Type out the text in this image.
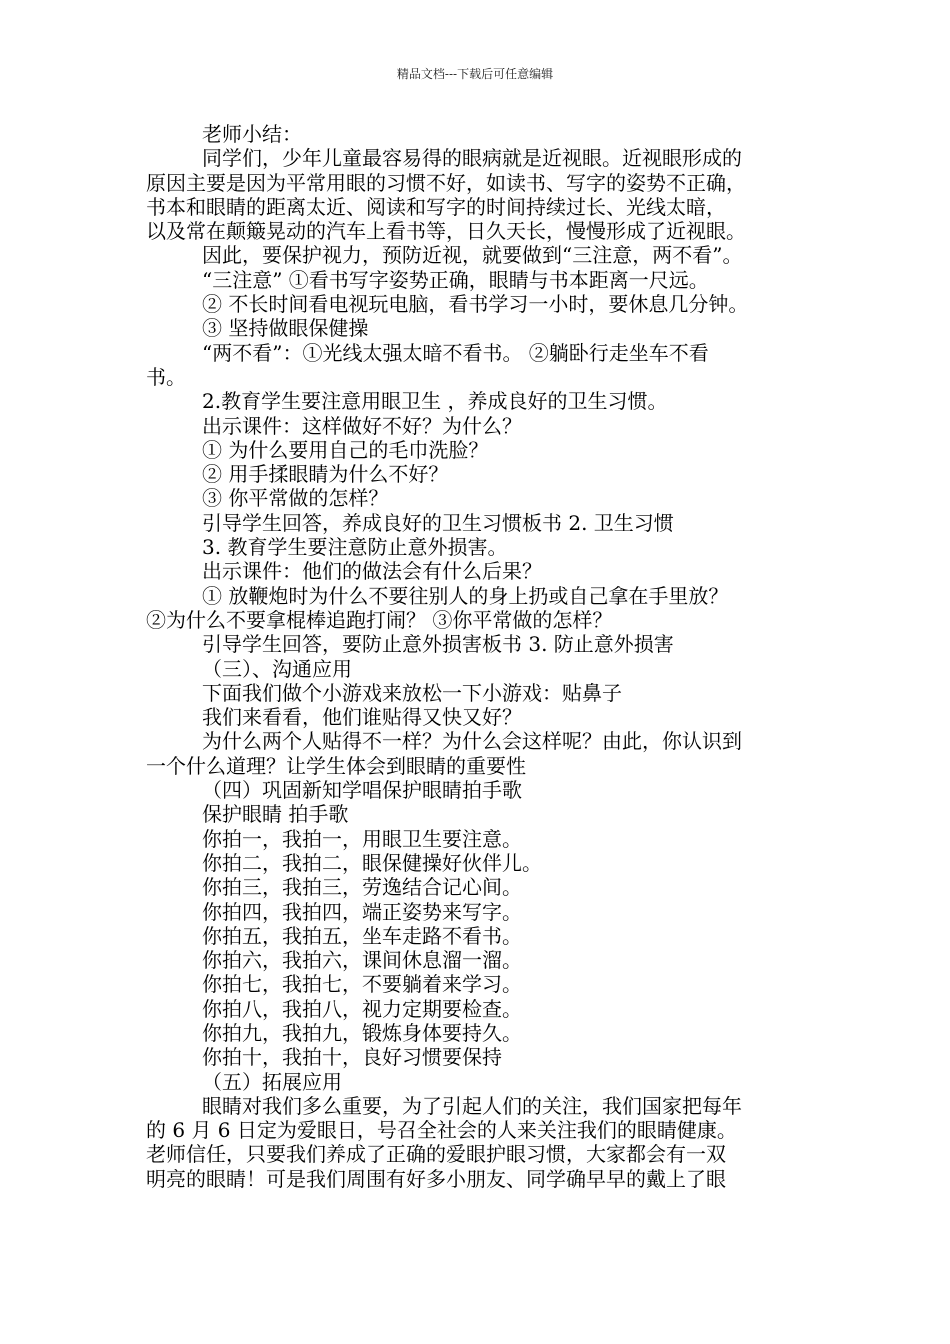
精品文档---下载后可任意编辑

老师小结：

同学们，少年儿童最容易得的眼病就是近视眼。近视眼形成的

原因主要是因为平常用眼的习惯不好，如读书、写字的姿势不正确，

书本和眼睛的距离太近、阅读和写字的时间持续过长、光线太暗，

以及常在颠簸晃动的汽车上看书等，日久天长，慢慢形成了近视眼。

因此，要保护视力，预防近视，就要做到“三注意，两不看”。

“三注意” ①看书写字姿势正确，眼睛与书本距离一尺远。

② 不长时间看电视玩电脑，看书学习一小时，要休息几分钟。

③ 坚持做眼保健操

“两不看”：①光线太强太暗不看书。 ②躺卧行走坐车不看

书。

2.教育学生要注意用眼卫生 ，养成良好的卫生习惯。

出示课件：这样做好不好？为什么？

① 为什么要用自己的毛巾洗脸？

② 用手揉眼睛为什么不好？

③ 你平常做的怎样？

引导学生回答，养成良好的卫生习惯板书 2. 卫生习惯

3. 教育学生要注意防止意外损害。

出示课件：他们的做法会有什么后果？

① 放鞭炮时为什么不要往别人的身上扔或自己拿在手里放？

②为什么不要拿棍棒追跑打闹？ ③你平常做的怎样？

引导学生回答，要防止意外损害板书 3. 防止意外损害

（三）、沟通应用

下面我们做个小游戏来放松一下小游戏：贴鼻子

我们来看看，他们谁贴得又快又好？

为什么两个人贴得不一样？为什么会这样呢？由此，你认识到

一个什么道理？让学生体会到眼睛的重要性

（四）巩固新知学唱保护眼睛拍手歌

保护眼睛 拍手歌

你拍一，我拍一，用眼卫生要注意。

你拍二，我拍二，眼保健操好伙伴儿。

你拍三，我拍三，劳逸结合记心间。

你拍四，我拍四，端正姿势来写字。

你拍五，我拍五，坐车走路不看书。

你拍六，我拍六，课间休息溜一溜。

你拍七，我拍七，不要躺着来学习。

你拍八，我拍八，视力定期要检查。

你拍九，我拍九，锻炼身体要持久。

你拍十，我拍十，良好习惯要保持

（五）拓展应用

眼睛对我们多么重要，为了引起人们的关注，我们国家把每年

的 6 月 6 日定为爱眼日，号召全社会的人来关注我们的眼睛健康。

老师信任，只要我们养成了正确的爱眼护眼习惯，大家都会有一双

明亮的眼睛！可是我们周围有好多小朋友、同学确早早的戴上了眼
